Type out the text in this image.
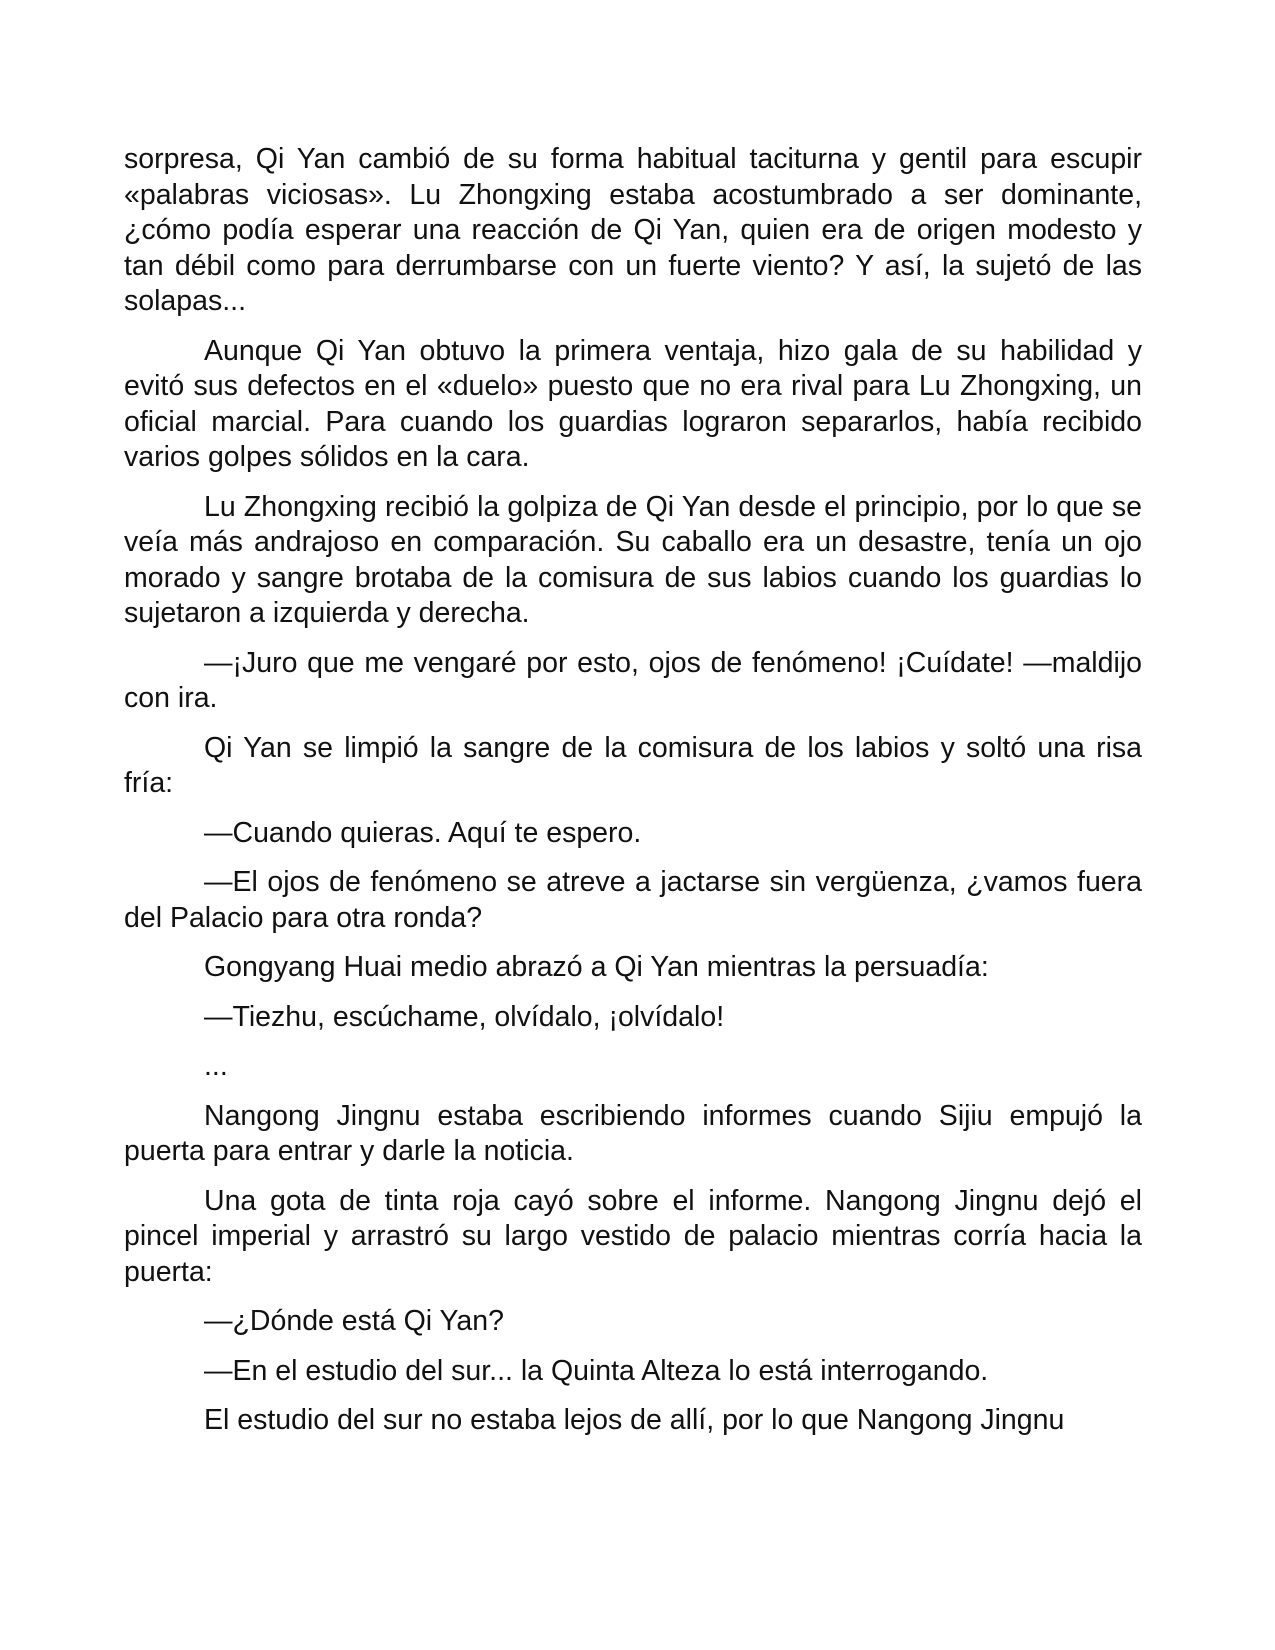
sorpresa, Qi Yan cambió de su forma habitual taciturna y gentil para escupir «palabras viciosas». Lu Zhongxing estaba acostumbrado a ser dominante, ¿cómo podía esperar una reacción de Qi Yan, quien era de origen modesto y tan débil como para derrumbarse con un fuerte viento? Y así, la sujetó de las solapas...

Aunque Qi Yan obtuvo la primera ventaja, hizo gala de su habilidad y evitó sus defectos en el «duelo» puesto que no era rival para Lu Zhongxing, un oficial marcial. Para cuando los guardias lograron separarlos, había recibido varios golpes sólidos en la cara.

Lu Zhongxing recibió la golpiza de Qi Yan desde el principio, por lo que se veía más andrajoso en comparación. Su caballo era un desastre, tenía un ojo morado y sangre brotaba de la comisura de sus labios cuando los guardias lo sujetaron a izquierda y derecha.

—¡Juro que me vengaré por esto, ojos de fenómeno! ¡Cuídate! —maldijo con ira.

Qi Yan se limpió la sangre de la comisura de los labios y soltó una risa fría:

—Cuando quieras. Aquí te espero.

—El ojos de fenómeno se atreve a jactarse sin vergüenza, ¿vamos fuera del Palacio para otra ronda?

Gongyang Huai medio abrazó a Qi Yan mientras la persuadía:

—Tiezhu, escúchame, olvídalo, ¡olvídalo!

...

Nangong Jingnu estaba escribiendo informes cuando Sijiu empujó la puerta para entrar y darle la noticia.

Una gota de tinta roja cayó sobre el informe. Nangong Jingnu dejó el pincel imperial y arrastró su largo vestido de palacio mientras corría hacia la puerta:

—¿Dónde está Qi Yan?

—En el estudio del sur... la Quinta Alteza lo está interrogando.

El estudio del sur no estaba lejos de allí, por lo que Nangong Jingnu
